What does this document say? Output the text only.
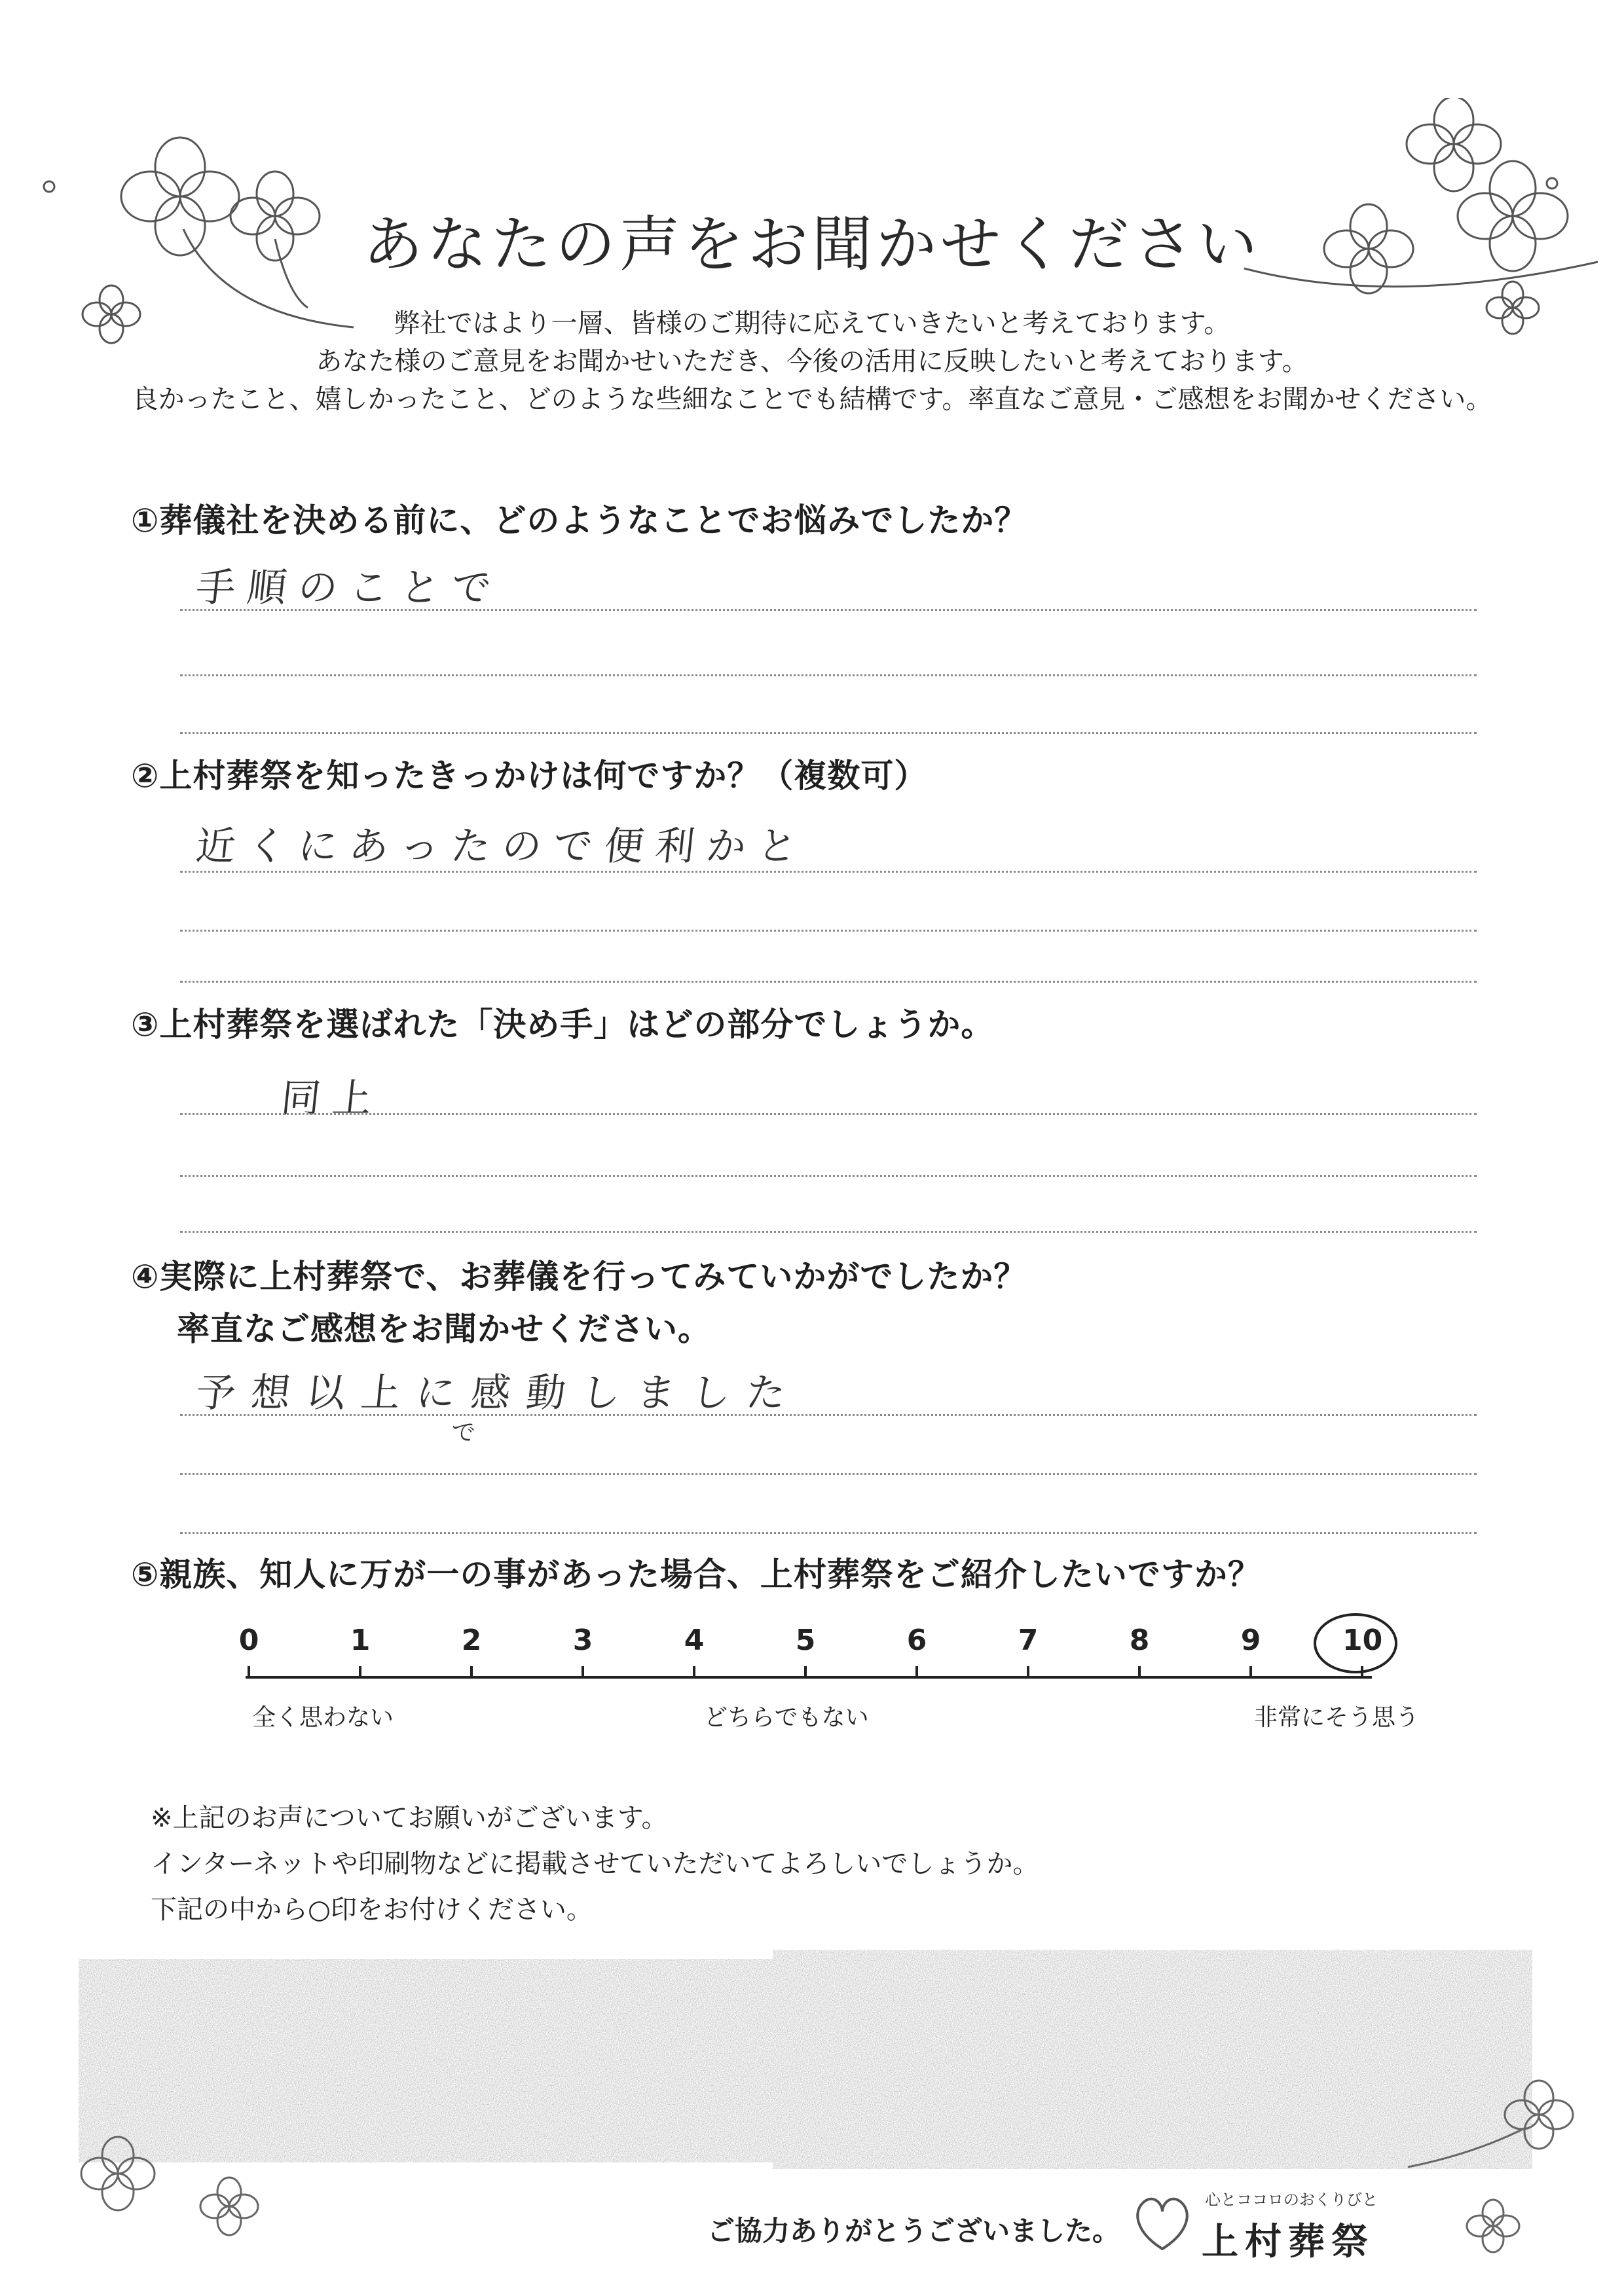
あなたの声をお聞かせください
弊社ではより一層、皆様のご期待に応えていきたいと考えております。
あなた様のご意見をお聞かせいただき、今後の活用に反映したいと考えております。
良かったこと、嬉しかったこと、どのような些細なことでも結構です。率直なご意見・ご感想をお聞かせください。
①葬儀社を決める前に、どのようなことでお悩みでしたか？
手順のことで
②上村葬祭を知ったきっかけは何ですか？（複数可）
近くにあったので便利かと
③上村葬祭を選ばれた「決め手」はどの部分でしょうか。
同上
④実際に上村葬祭で、お葬儀を行ってみていかがでしたか？
率直なご感想をお聞かせください。
予想以上に感動しました
で
⑤親族、知人に万が一の事があった場合、上村葬祭をご紹介したいですか？
0	1	2	3	4	5	6	7	8	9	10
全く思わない	どちらでもない	非常にそう思う
※上記のお声についてお願いがございます。
インターネットや印刷物などに掲載させていただいてよろしいでしょうか。
下記の中から○印をお付けください。
ご協力ありがとうございました。
心とココロのおくりびと
上村葬祭
